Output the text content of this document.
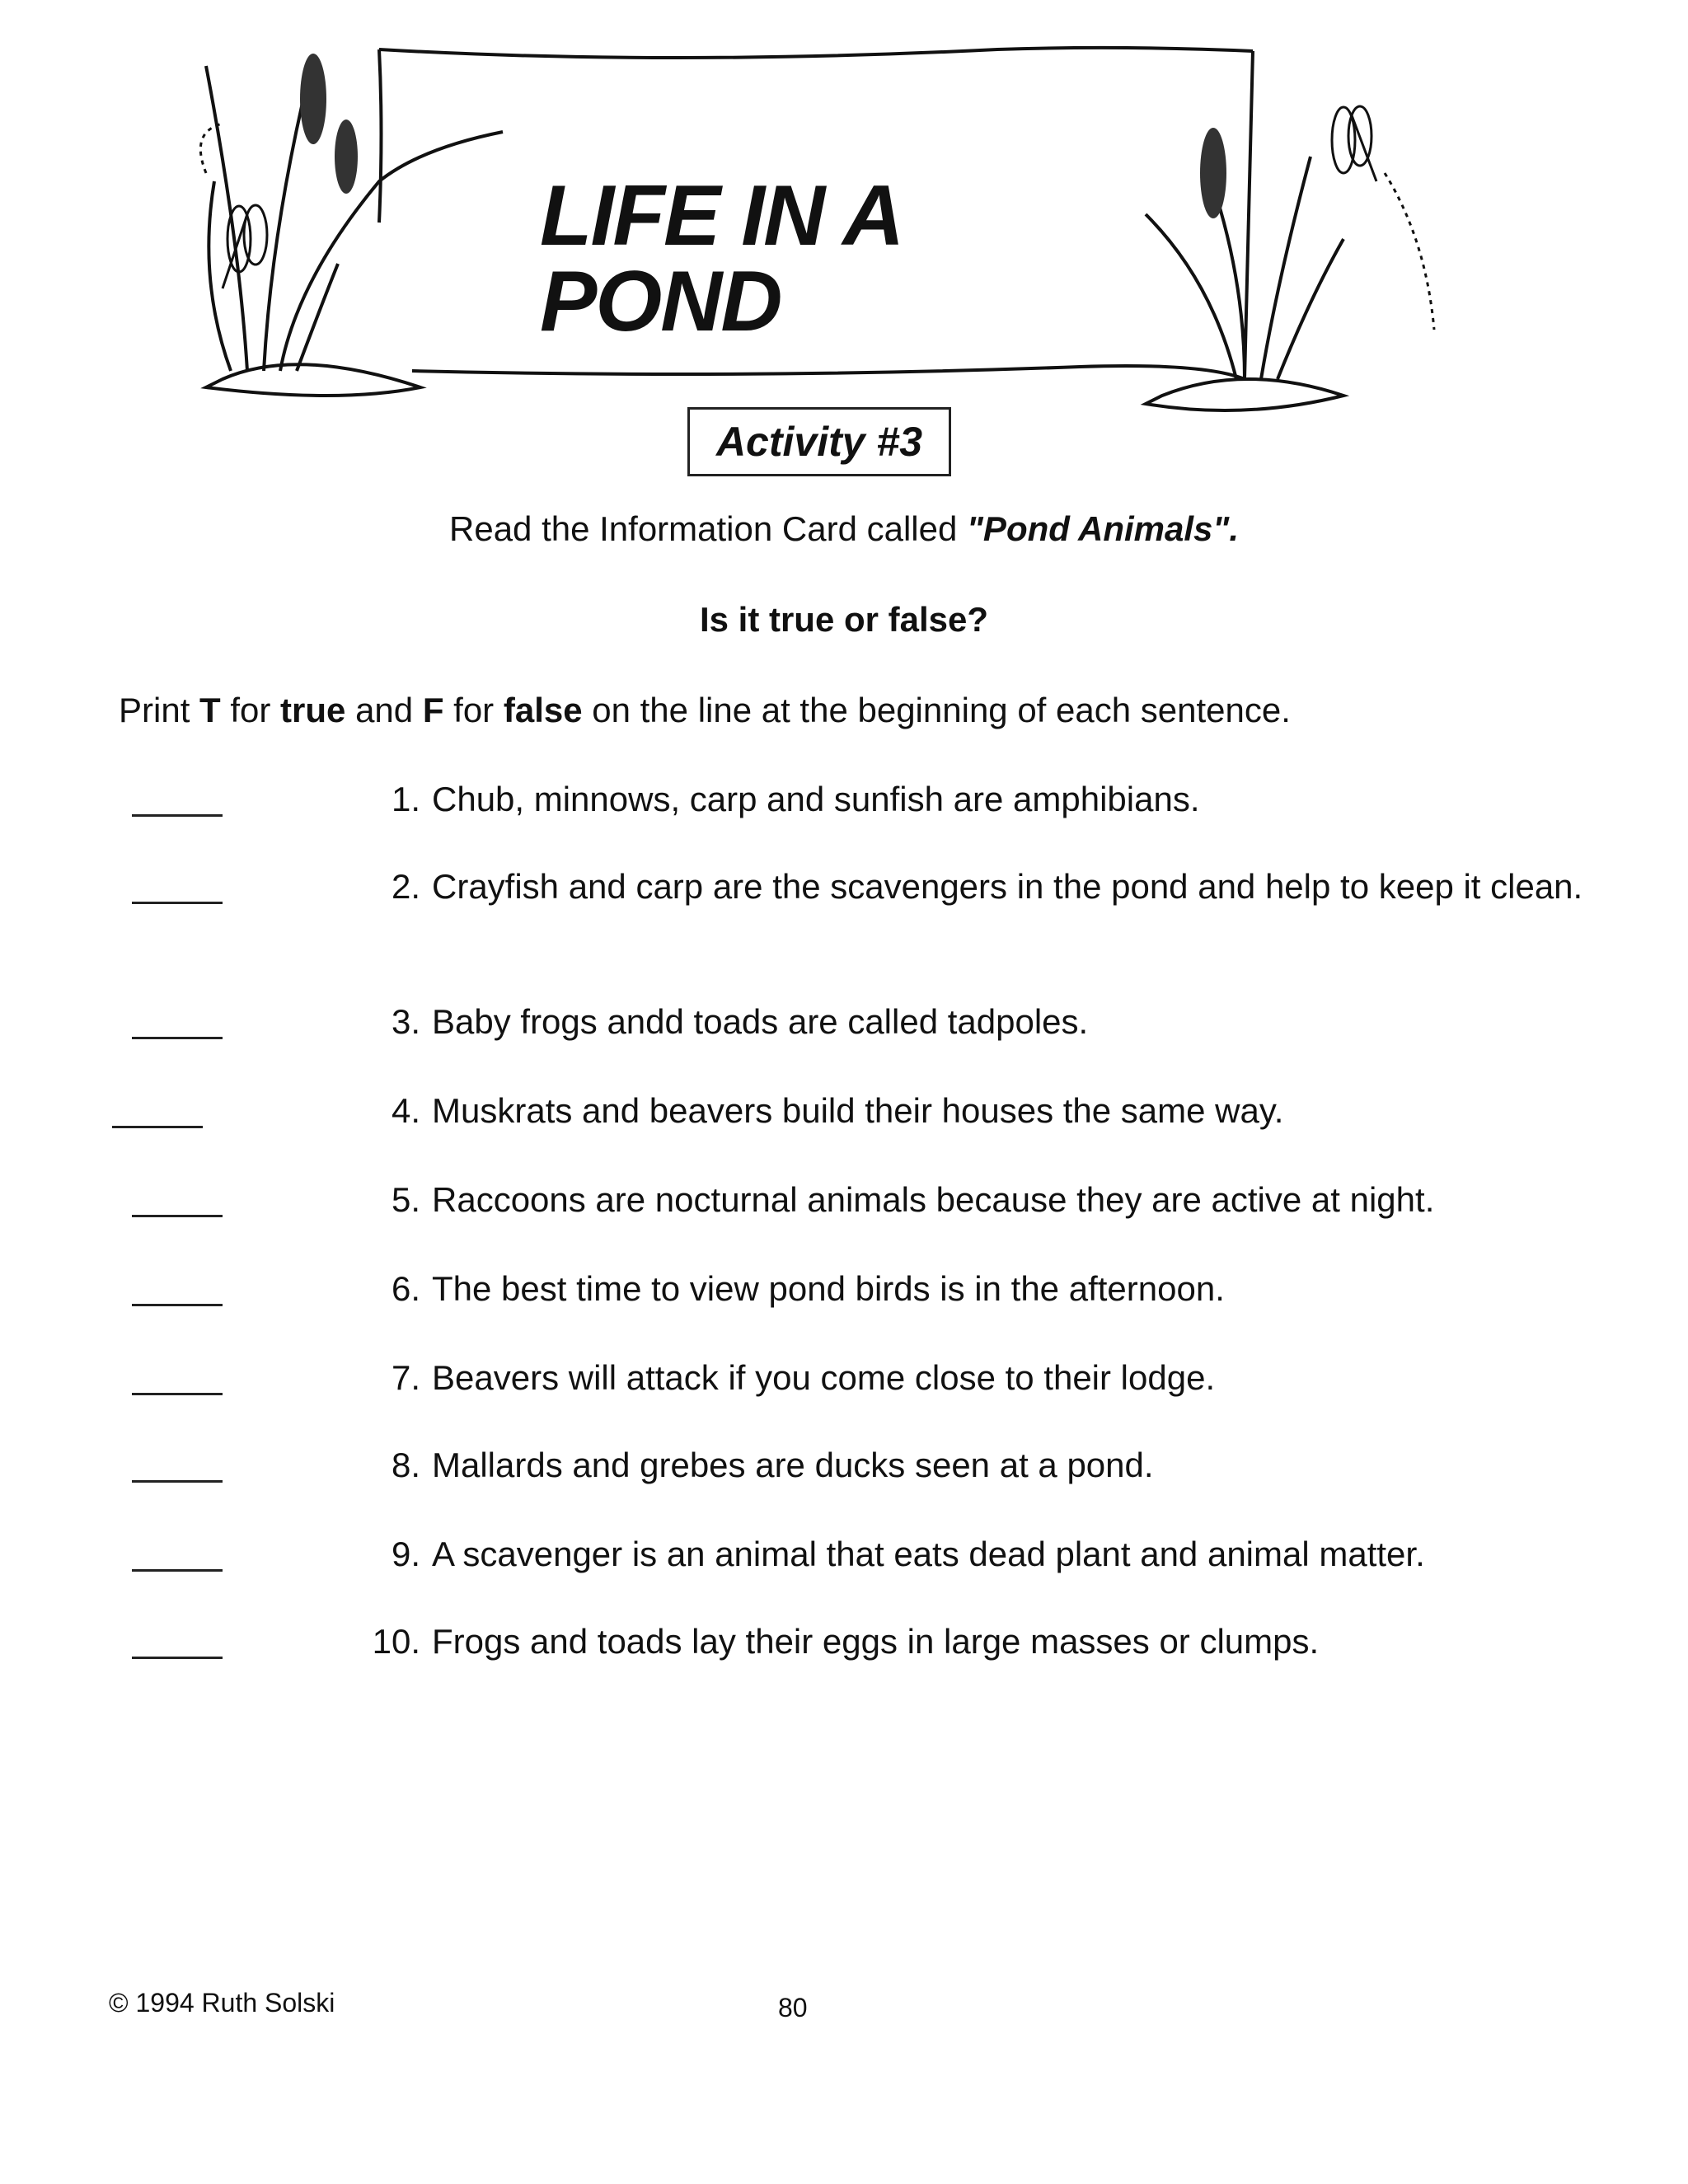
LIFE IN A POND
Activity #3
Read the Information Card called "Pond Animals".
Is it true or false?
Print T for true and F for false on the line at the beginning of each sentence.
1. Chub, minnows, carp and sunfish are amphibians.
2. Crayfish and carp are the scavengers in the pond and help to keep it clean.
3. Baby frogs andd toads are called tadpoles.
4. Muskrats and beavers build their houses the same way.
5. Raccoons are nocturnal animals because they are active at night.
6. The best time to view pond birds is in the afternoon.
7. Beavers will attack if you come close to their lodge.
8. Mallards and grebes are ducks seen at a pond.
9. A scavenger is an animal that eats dead plant and animal matter.
10. Frogs and toads lay their eggs in large masses or clumps.
© 1994 Ruth Solski	80
